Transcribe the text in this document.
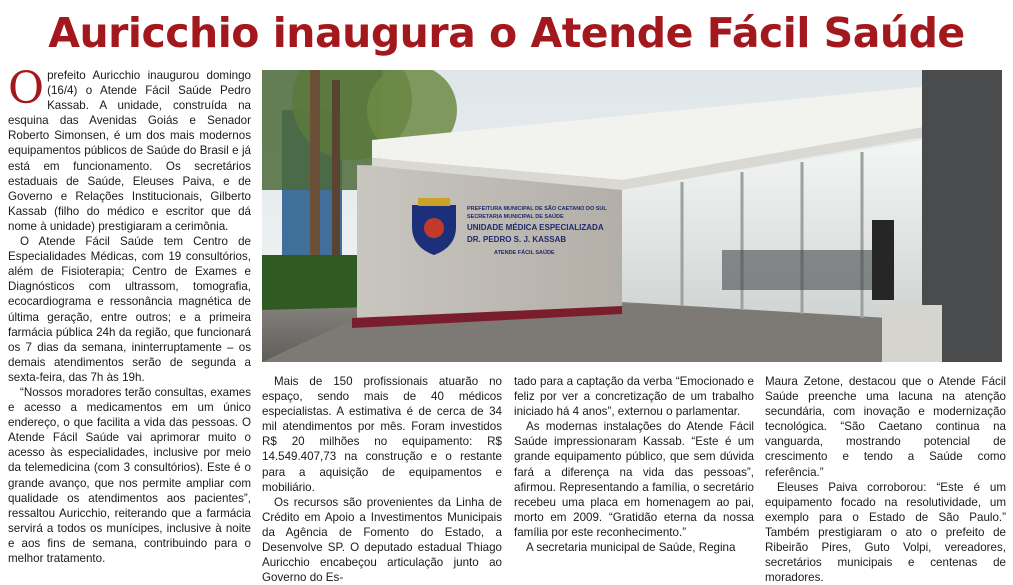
Auricchio inaugura o Atende Fácil Saúde

Oprefeito Auricchio inaugurou domingo (16/4) o Atende Fácil Saúde Pedro Kassab. A unidade, construída na esquina das Avenidas Goiás e Senador Roberto Simonsen, é um dos mais modernos equipamentos públicos de Saúde do Brasil e já está em funcionamento. Os secretários estaduais de Saúde, Eleuses Paiva, e de Governo e Relações Institucionais, Gilberto Kassab (filho do médico e escritor que dá nome à unidade) prestigiaram a cerimônia.

O Atende Fácil Saúde tem Centro de Especialidades Médicas, com 19 consultórios, além de Fisioterapia; Centro de Exames e Diagnósticos com ultrassom, tomografia, ecocardiograma e ressonância magnética de última geração, entre outros; e a primeira farmácia pública 24h da região, que funcionará os 7 dias da semana, ininterruptamente – os demais atendimentos serão de segunda a sexta-feira, das 7h às 19h.

“Nossos moradores terão consultas, exames e acesso a medicamentos em um único endereço, o que facilita a vida das pessoas. O Atende Fácil Saúde vai aprimorar muito o acesso às especialidades, inclusive por meio da telemedicina (com 3 consultórios). Este é o grande avanço, que nos permite ampliar com qualidade os atendimentos aos pacientes”, ressaltou Auricchio, reiterando que a farmácia servirá a todos os munícipes, inclusive à noite e aos fins de semana, contribuindo para o melhor tratamento.

PREFEITURA MUNICIPAL DE SÃO CAETANO DO SUL
SECRETARIA MUNICIPAL DE SAÚDE
UNIDADE MÉDICA ESPECIALIZADA
DR. PEDRO S. J. KASSAB
ATENDE FÁCIL SAÚDE

Mais de 150 profissionais atuarão no espaço, sendo mais de 40 médicos especialistas. A estimativa é de cerca de 34 mil atendimentos por mês. Foram investidos R$ 20 milhões no equipamento: R$ 14.549.407,73 na construção e o restante para a aquisição de equipamentos e mobiliário.

Os recursos são provenientes da Linha de Crédito em Apoio a Investimentos Municipais da Agência de Fomento do Estado, a Desenvolve SP. O deputado estadual Thiago Auricchio encabeçou articulação junto ao Governo do Es-

tado para a captação da verba “Emocionado e feliz por ver a concretização de um trabalho iniciado há 4 anos”, externou o parlamentar.

As modernas instalações do Atende Fácil Saúde impressionaram Kassab. “Este é um grande equipamento público, que sem dúvida fará a diferença na vida das pessoas”, afirmou. Representando a família, o secretário recebeu uma placa em homenagem ao pai, morto em 2009. “Gratidão eterna da nossa família por este reconhecimento.”

A secretaria municipal de Saúde, Regina

Maura Zetone, destacou que o Atende Fácil Saúde preenche uma lacuna na atenção secundária, com inovação e modernização tecnológica. “São Caetano continua na vanguarda, mostrando potencial de crescimento e tendo a Saúde como referência.”

Eleuses Paiva corroborou: “Este é um equipamento focado na resolutividade, um exemplo para o Estado de São Paulo.” Também prestigiaram o ato o prefeito de Ribeirão Pires, Guto Volpi, vereadores, secretários municipais e centenas de moradores.
